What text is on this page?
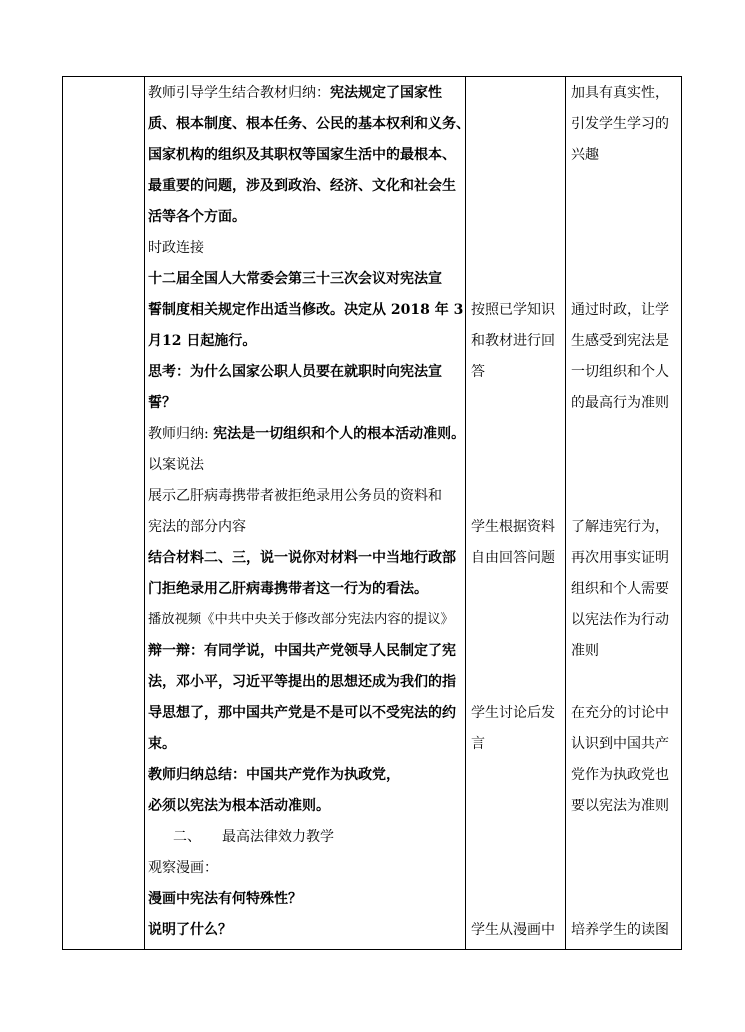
教师引导学生结合教材归纳：宪法规定了国家性
质、根本制度、根本任务、公民的基本权利和义务、
国家机构的组织及其职权等国家生活中的最根本、
最重要的问题，涉及到政治、经济、文化和社会生
活等各个方面。
时政连接
十二届全国人大常委会第三十三次会议对宪法宣
誓制度相关规定作出适当修改。决定从 2018 年 3
月12 日起施行。
思考：为什么国家公职人员要在就职时向宪法宣
誓？
教师归纳: 宪法是一切组织和个人的根本活动准则。
以案说法
展示乙肝病毒携带者被拒绝录用公务员的资料和
宪法的部分内容
结合材料二、三，说一说你对材料一中当地行政部
门拒绝录用乙肝病毒携带者这一行为的看法。
播放视频《中共中央关于修改部分宪法内容的提议》
辩一辩：有同学说，中国共产党领导人民制定了宪
法，邓小平，习近平等提出的思想还成为我们的指
导思想了，那中国共产党是不是可以不受宪法的约
束。
教师归纳总结：中国共产党作为执政党，
必须以宪法为根本活动准则。
二、　　最高法律效力教学
观察漫画：
漫画中宪法有何特殊性？
说明了什么？
按照已学知识
和教材进行回
答
学生根据资料
自由回答问题
学生讨论后发
言
学生从漫画中
加具有真实性，
引发学生学习的
兴趣
通过时政，让学
生感受到宪法是
一切组织和个人
的最高行为准则
了解违宪行为，
再次用事实证明
组织和个人需要
以宪法作为行动
准则
在充分的讨论中
认识到中国共产
党作为执政党也
要以宪法为准则
培养学生的读图
